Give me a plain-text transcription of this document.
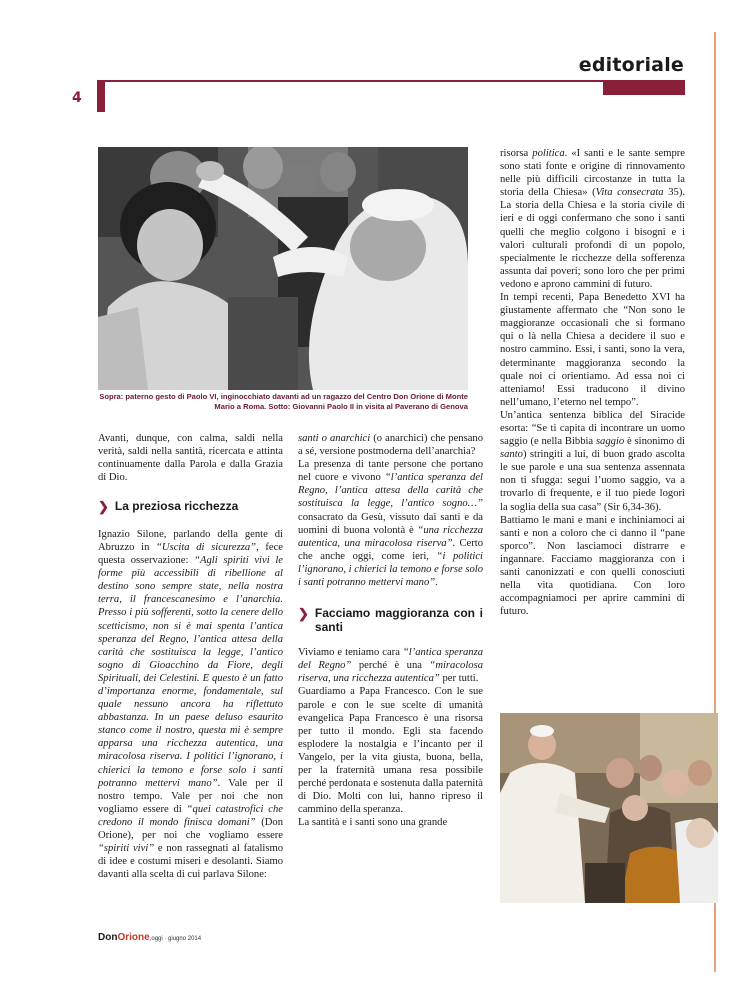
editoriale
4
Sopra: paterno gesto di Paolo VI, inginocchiato davanti ad un ragazzo del Centro Don Orione di Monte Mario a Roma. Sotto: Giovanni Paolo II in visita al Paverano di Genova

Avanti, dunque, con calma, saldi nella verità, saldi nella santità, ricercata e attinta continuamente dalla Parola e dalla Grazia di Dio.

❯ La preziosa ricchezza

Ignazio Silone, parlando della gente di Abruzzo in “Uscita di sicurezza”, fece questa osservazione: “Agli spiriti vivi le forme più accessibili di ribellione al destino sono sempre state, nella nostra terra, il francescanesimo e l’anarchia. Presso i più sofferenti, sotto la cenere dello scetticismo, non si è mai spenta l’antica speranza del Regno, l’antica attesa della carità che sostituisca la legge, l’antico sogno di Gioacchino da Fiore, degli Spirituali, dei Celestini. E questo è un fatto d’importanza enorme, fondamentale, sul quale nessuno ancora ha riflettuto abbastanza. In un paese deluso esaurito stanco come il nostro, questa mi è sempre apparsa una ricchezza autentica, una miracolosa riserva. I politici l’ignorano, i chierici la temono e forse solo i santi potranno mettervi mano”. Vale per il nostro tempo. Vale per noi che non vogliamo essere di “quei catastrofici che credono il mondo finisca domani” (Don Orione), per noi che vogliamo essere “spiriti vivi” e non rassegnati al fatalismo di idee e costumi miseri e desolanti. Siamo davanti alla scelta di cui parlava Silone:

santi o anarchici (o anarchici) che pensano a sé, versione postmoderna dell’anarchia?

La presenza di tante persone che portano nel cuore e vivono “l’antica speranza del Regno, l’antica attesa della carità che sostituisca la legge, l’antico sogno…” consacrato da Gesù, vissuto dai santi e da uomini di buona volontà è “una ricchezza autentica, una miracolosa riserva”. Certo che anche oggi, come ieri, “i politici l’ignorano, i chierici la temono e forse solo i santi potranno mettervi mano”.

❯ Facciamo maggioranza con i santi

Viviamo e teniamo cara “l’antica speranza del Regno” perché è una “miracolosa riserva, una ricchezza autentica” per tutti.

Guardiamo a Papa Francesco. Con le sue parole e con le sue scelte di umanità evangelica Papa Francesco è una risorsa per tutto il mondo. Egli sta facendo esplodere la nostalgia e l’incanto per il Vangelo, per la vita giusta, buona, bella, per la fraternità umana resa possibile perché perdonata e sostenuta dalla paternità di Dio. Molti con lui, hanno ripreso il cammino della speranza.

La santità e i santi sono una grande

risorsa politica. «I santi e le sante sempre sono stati fonte e origine di rinnovamento nelle più difficili circostanze in tutta la storia della Chiesa» (Vita consecrata 35). La storia della Chiesa e la storia civile di ieri e di oggi confermano che sono i santi quelli che meglio colgono i bisogni e i valori culturali profondi di un popolo, specialmente le ricchezze della sofferenza assunta dai poveri; sono loro che per primi vedono e aprono cammini di futuro.

In tempi recenti, Papa Benedetto XVI ha giustamente affermato che “Non sono le maggioranze occasionali che si formano qui o là nella Chiesa a decidere il suo e nostro cammino. Essi, i santi, sono la vera, determinante maggioranza secondo la quale noi ci orientiamo. Ad essa noi ci atteniamo! Essi traducono il divino nell’umano, l’eterno nel tempo”.

Un’antica sentenza biblica del Siracide esorta: “Se ti capita di incontrare un uomo saggio (e nella Bibbia saggio è sinonimo di santo) stringiti a lui, di buon grado ascolta le sue parole e una sua sentenza assennata non ti sfugga: segui l’uomo saggio, va a trovarlo di frequente, e il tuo piede logori la soglia della sua casa” (Sir 6,34-36).

Battiamo le mani e mani e inchiniamoci ai santi e non a coloro che ci danno il “pane sporco”. Non lasciamoci distrarre e ingannare. Facciamo maggioranza con i santi canonizzati e con quelli conosciuti nella vita quotidiana. Con loro accompagniamoci per aprire cammini di futuro.

DonOrione,oggi · giugno 2014
